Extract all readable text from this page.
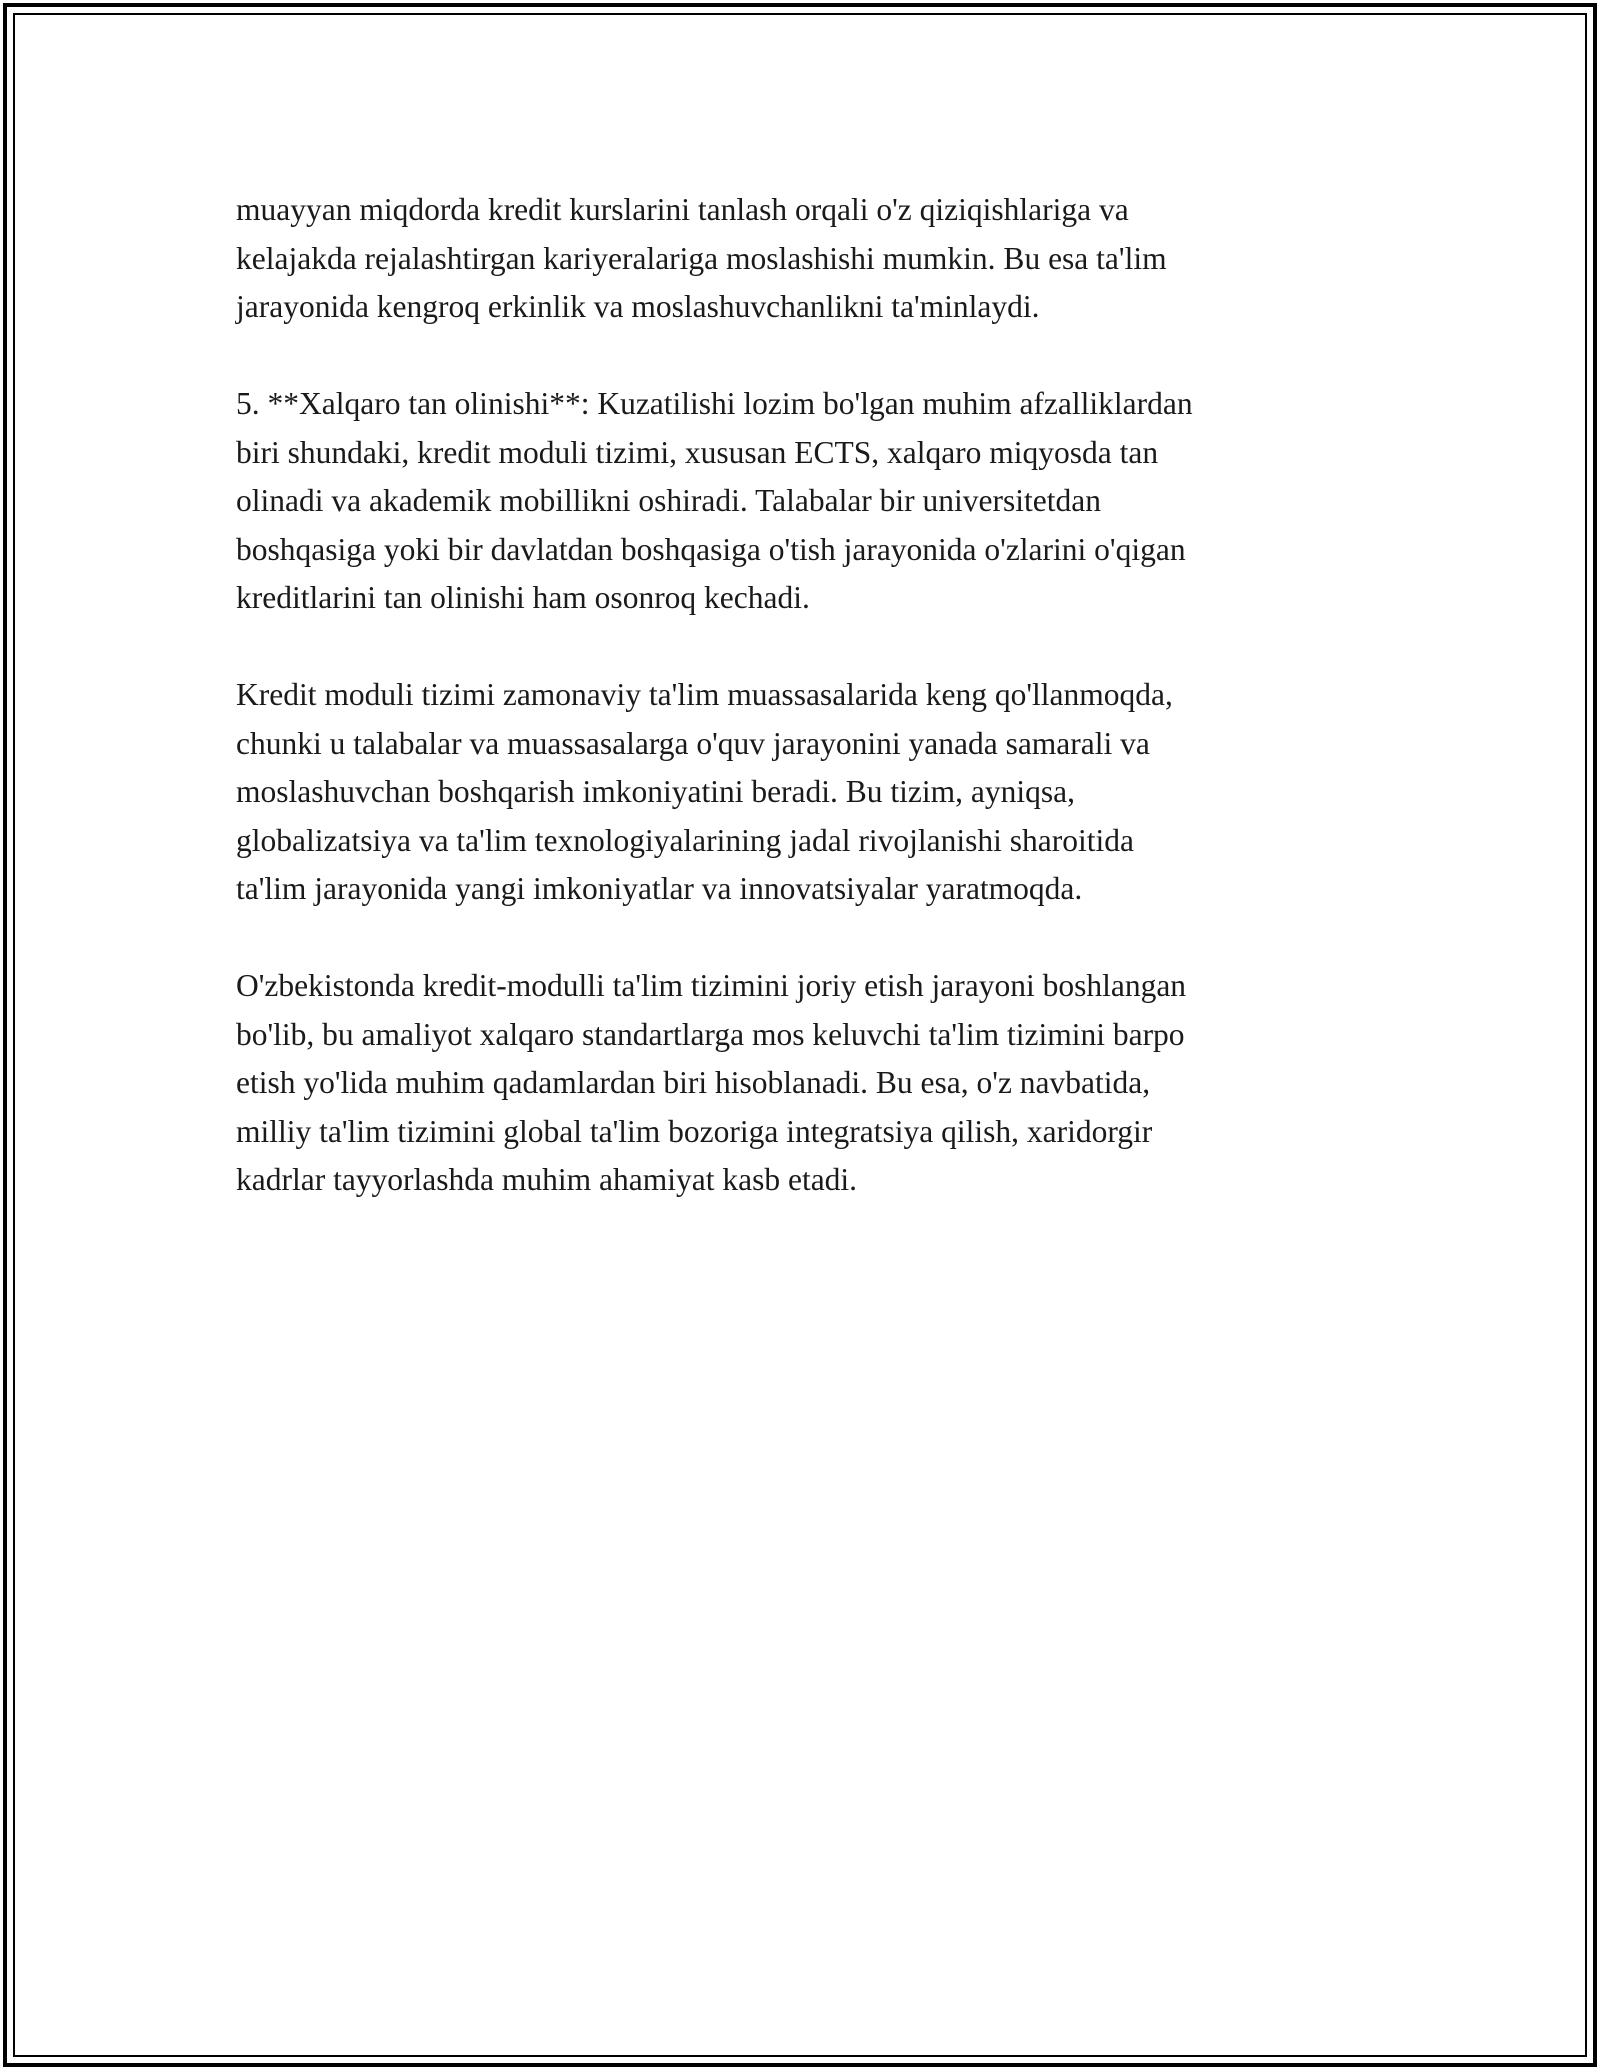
muayyan miqdorda kredit kurslarini tanlash orqali o'z qiziqishlariga va
kelajakda rejalashtirgan kariyeralariga moslashishi mumkin. Bu esa ta'lim
jarayonida kengroq erkinlik va moslashuvchanlikni ta'minlaydi.

5. **Xalqaro tan olinishi**: Kuzatilishi lozim bo'lgan muhim afzalliklardan
biri shundaki, kredit moduli tizimi, xususan ECTS, xalqaro miqyosda tan
olinadi va akademik mobillikni oshiradi. Talabalar bir universitetdan
boshqasiga yoki bir davlatdan boshqasiga o'tish jarayonida o'zlarini o'qigan
kreditlarini tan olinishi ham osonroq kechadi.

Kredit moduli tizimi zamonaviy ta'lim muassasalarida keng qo'llanmoqda,
chunki u talabalar va muassasalarga o'quv jarayonini yanada samarali va
moslashuvchan boshqarish imkoniyatini beradi. Bu tizim, ayniqsa,
globalizatsiya va ta'lim texnologiyalarining jadal rivojlanishi sharoitida
ta'lim jarayonida yangi imkoniyatlar va innovatsiyalar yaratmoqda.

O'zbekistonda kredit-modulli ta'lim tizimini joriy etish jarayoni boshlangan
bo'lib, bu amaliyot xalqaro standartlarga mos keluvchi ta'lim tizimini barpo
etish yo'lida muhim qadamlardan biri hisoblanadi. Bu esa, o'z navbatida,
milliy ta'lim tizimini global ta'lim bozoriga integratsiya qilish, xaridorgir
kadrlar tayyorlashda muhim ahamiyat kasb etadi.
